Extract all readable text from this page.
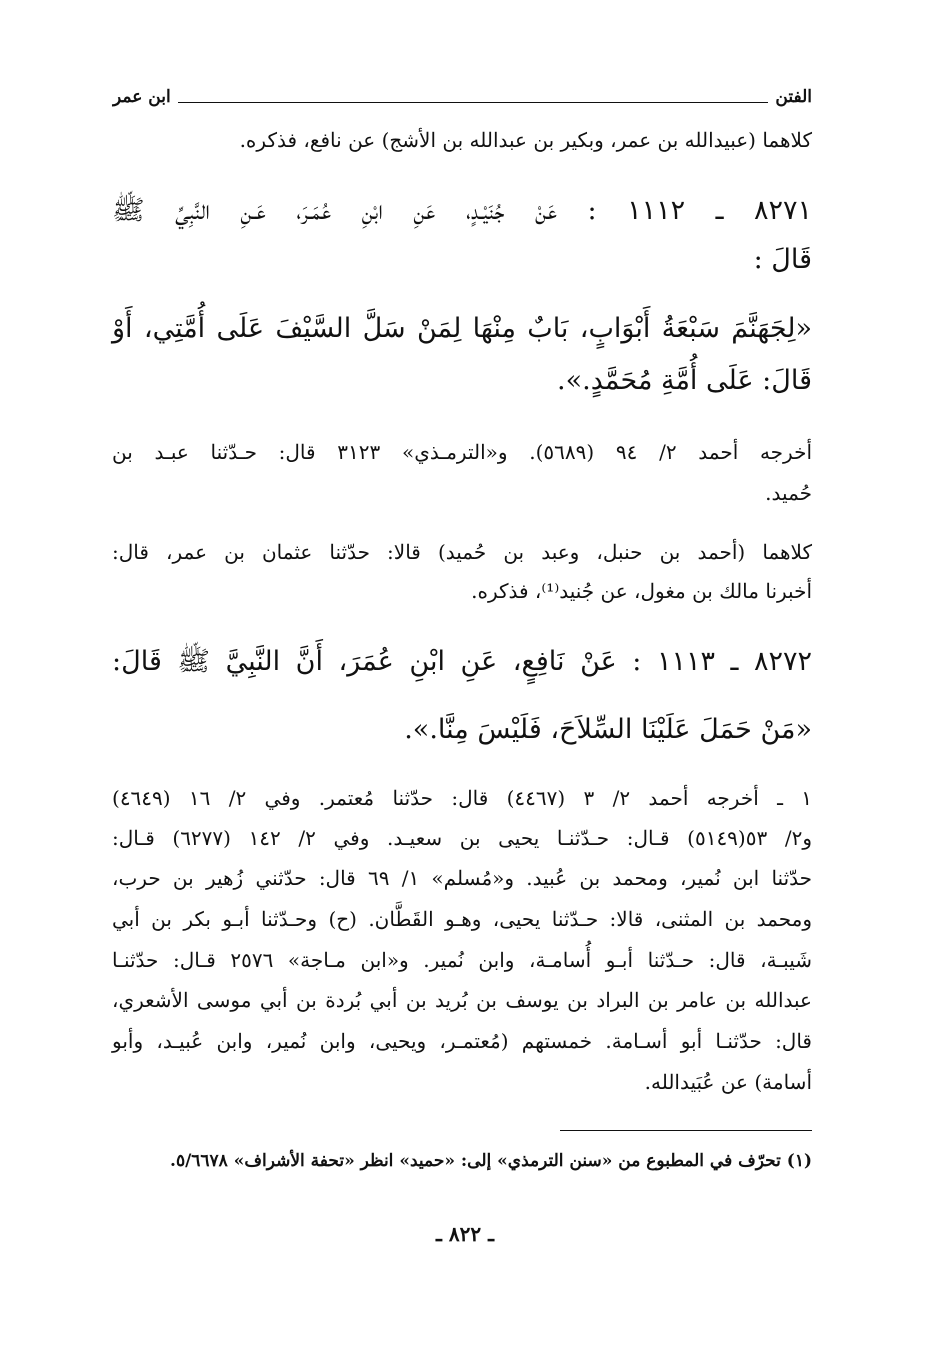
الفتن
ابن عمر
كلاهما (عبيدالله بن عمر، وبكير بن عبدالله بن الأشج) عن نافع، فذكره.
٨٢٧١ ـ ١١١٢ : عَنْ جُنَيْـدٍ، عَنِ ابْنِ عُمَـرَ، عَـنِ النَّبِيِّ ﷺ
قَالَ :
«لِجَهَنَّمَ سَبْعَةُ أَبْوَابٍ، بَابٌ مِنْهَا لِمَنْ سَلَّ السَّيْفَ عَلَى أُمَّتِي، أَوْ
قَالَ: عَلَى أُمَّةِ مُحَمَّدٍ.».
أخرجه أحمد ٢/ ٩٤ (٥٦٨٩). و«الترمـذي» ٣١٢٣ قال: حـدّثنا عبـد بن
حُميد.
كلاهما (أحمد بن حنبل، وعبد بن حُميد) قالا: حدّثنا عثمان بن عمر، قال:
أخبرنا مالك بن مغول، عن جُنيد⁽¹⁾، فذكره.
٨٢٧٢ ـ ١١١٣ : عَنْ نَافِعٍ، عَنِ ابْنِ عُمَرَ، أَنَّ النَّبِيَّ ﷺ قَالَ:
«مَنْ حَمَلَ عَلَيْنَا السِّلاَحَ، فَلَيْسَ مِنَّا.».
١ ـ أخرجه أحمد ٢/ ٣ (٤٤٦٧) قال: حدّثنا مُعتمر. وفي ٢/ ١٦ (٤٦٤٩)
و٢/ ٥٣(٥١٤٩) قـال: حـدّثنـا يحيى بن سعيـد. وفي ٢/ ١٤٢ (٦٢٧٧) قـال:
حدّثنا ابن نُمير، ومحمد بن عُبيد. و«مُسلم» ١/ ٦٩ قال: حدّثني زُهير بن حرب،
ومحمد بن المثنى، قالا: حـدّثنا يحيى، وهـو القَطَّان. (ح) وحـدّثنا أبـو بكر بن أبي
شَيبـة، قال: حـدّثنا أبـو أُسامـة، وابن نُمير. و«ابن مـاجة» ٢٥٧٦ قـال: حدّثنـا
عبدالله بن عامر بن البراد بن يوسف بن بُريد بن أبي بُردة بن أبي موسى الأشعري،
قال: حدّثنـا أبو أسـامة. خمستهم (مُعتمـر، ويحيى، وابن نُمير، وابن عُبيـد، وأبو
أسامة) عن عُبَيدالله.
(١) تحرّف في المطبوع من «سنن الترمذي» إلى: «حميد» انظر «تحفة الأشراف» ٥/٦٦٧٨.
ـ ٨٢٢ ـ
